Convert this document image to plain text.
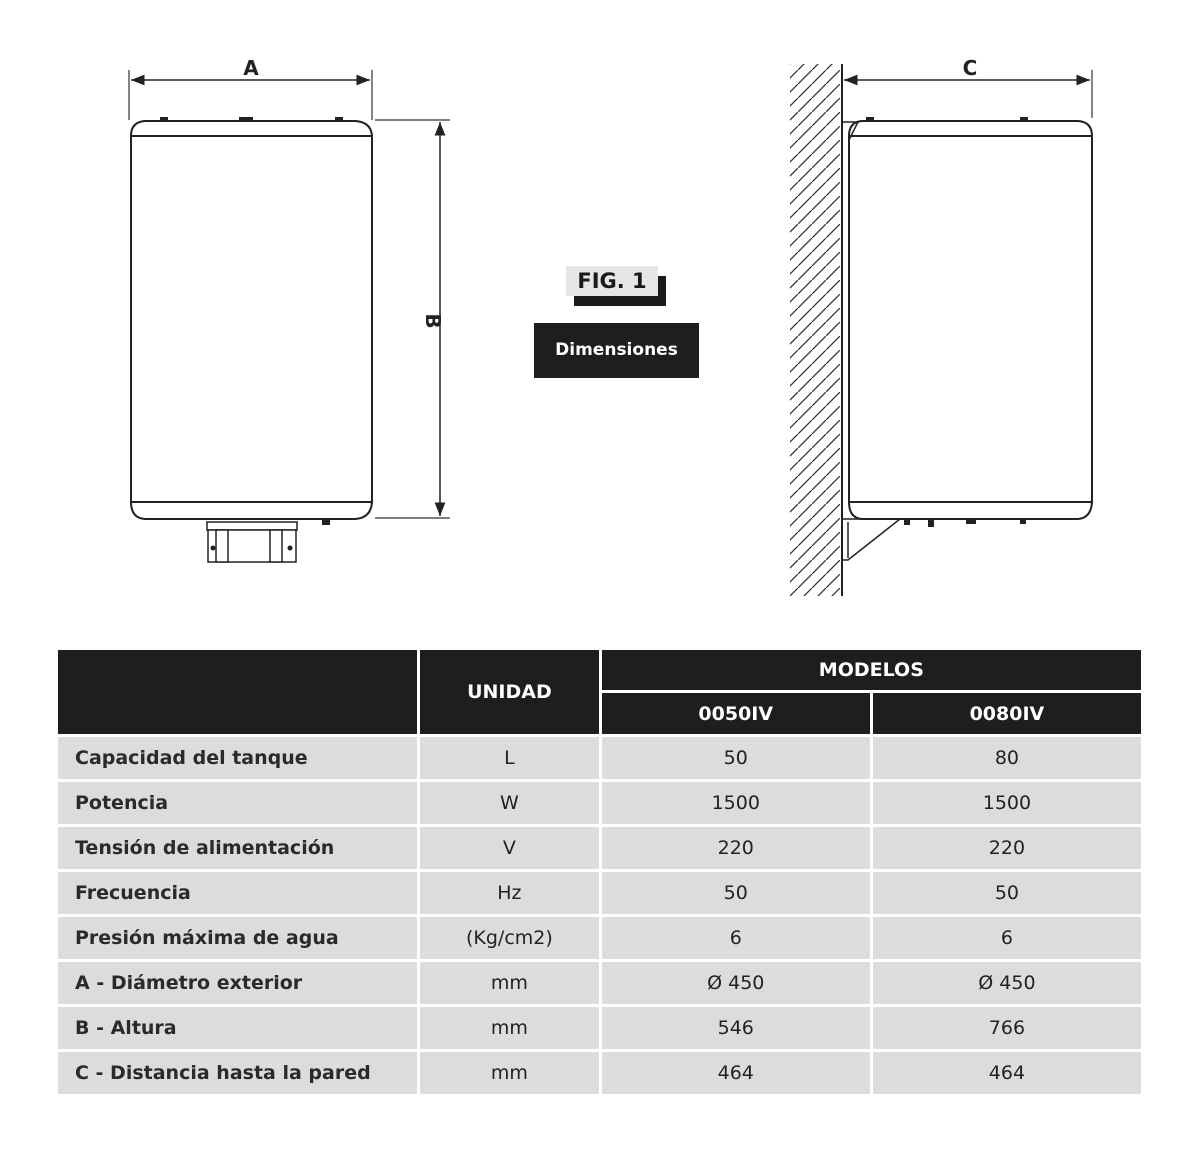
A
B
C
FIG. 1
Dimensiones
	UNIDAD	MODELOS	
		0050IV	0080IV
Capacidad del tanque	L	50	80
Potencia	W	1500	1500
Tensión de alimentación	V	220	220
Frecuencia	Hz	50	50
Presión máxima de agua	(Kg/cm2)	6	6
A - Diámetro exterior	mm	Ø 450	Ø 450
B - Altura	mm	546	766
C - Distancia hasta la pared	mm	464	464
